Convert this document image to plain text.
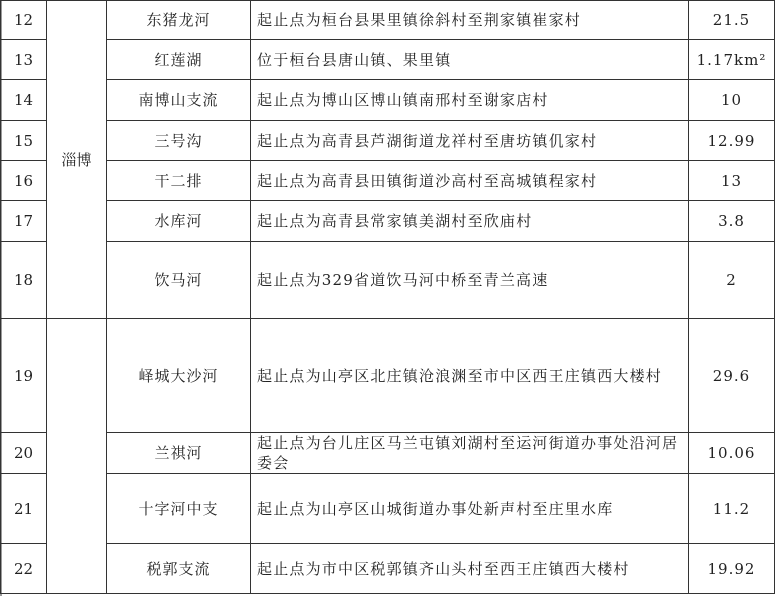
12	淄博	东猪龙河	起止点为桓台县果里镇徐斜村至荆家镇崔家村	21.5
13		红莲湖	位于桓台县唐山镇、果里镇	1.17km²
14		南博山支流	起止点为博山区博山镇南邢村至谢家店村	10
15		三号沟	起止点为高青县芦湖街道龙祥村至唐坊镇仉家村	12.99
16		干二排	起止点为高青县田镇街道沙高村至高城镇程家村	13
17		水库河	起止点为高青县常家镇美湖村至欣庙村	3.8
18		饮马河	起止点为329省道饮马河中桥至青兰高速	2
19		峄城大沙河	起止点为山亭区北庄镇沧浪渊至市中区西王庄镇西大楼村	29.6
20		兰祺河	起止点为台儿庄区马兰屯镇刘湖村至运河街道办事处沿河居委会	10.06
21		十字河中支	起止点为山亭区山城街道办事处新声村至庄里水库	11.2
22		税郭支流	起止点为市中区税郭镇齐山头村至西王庄镇西大楼村	19.92
